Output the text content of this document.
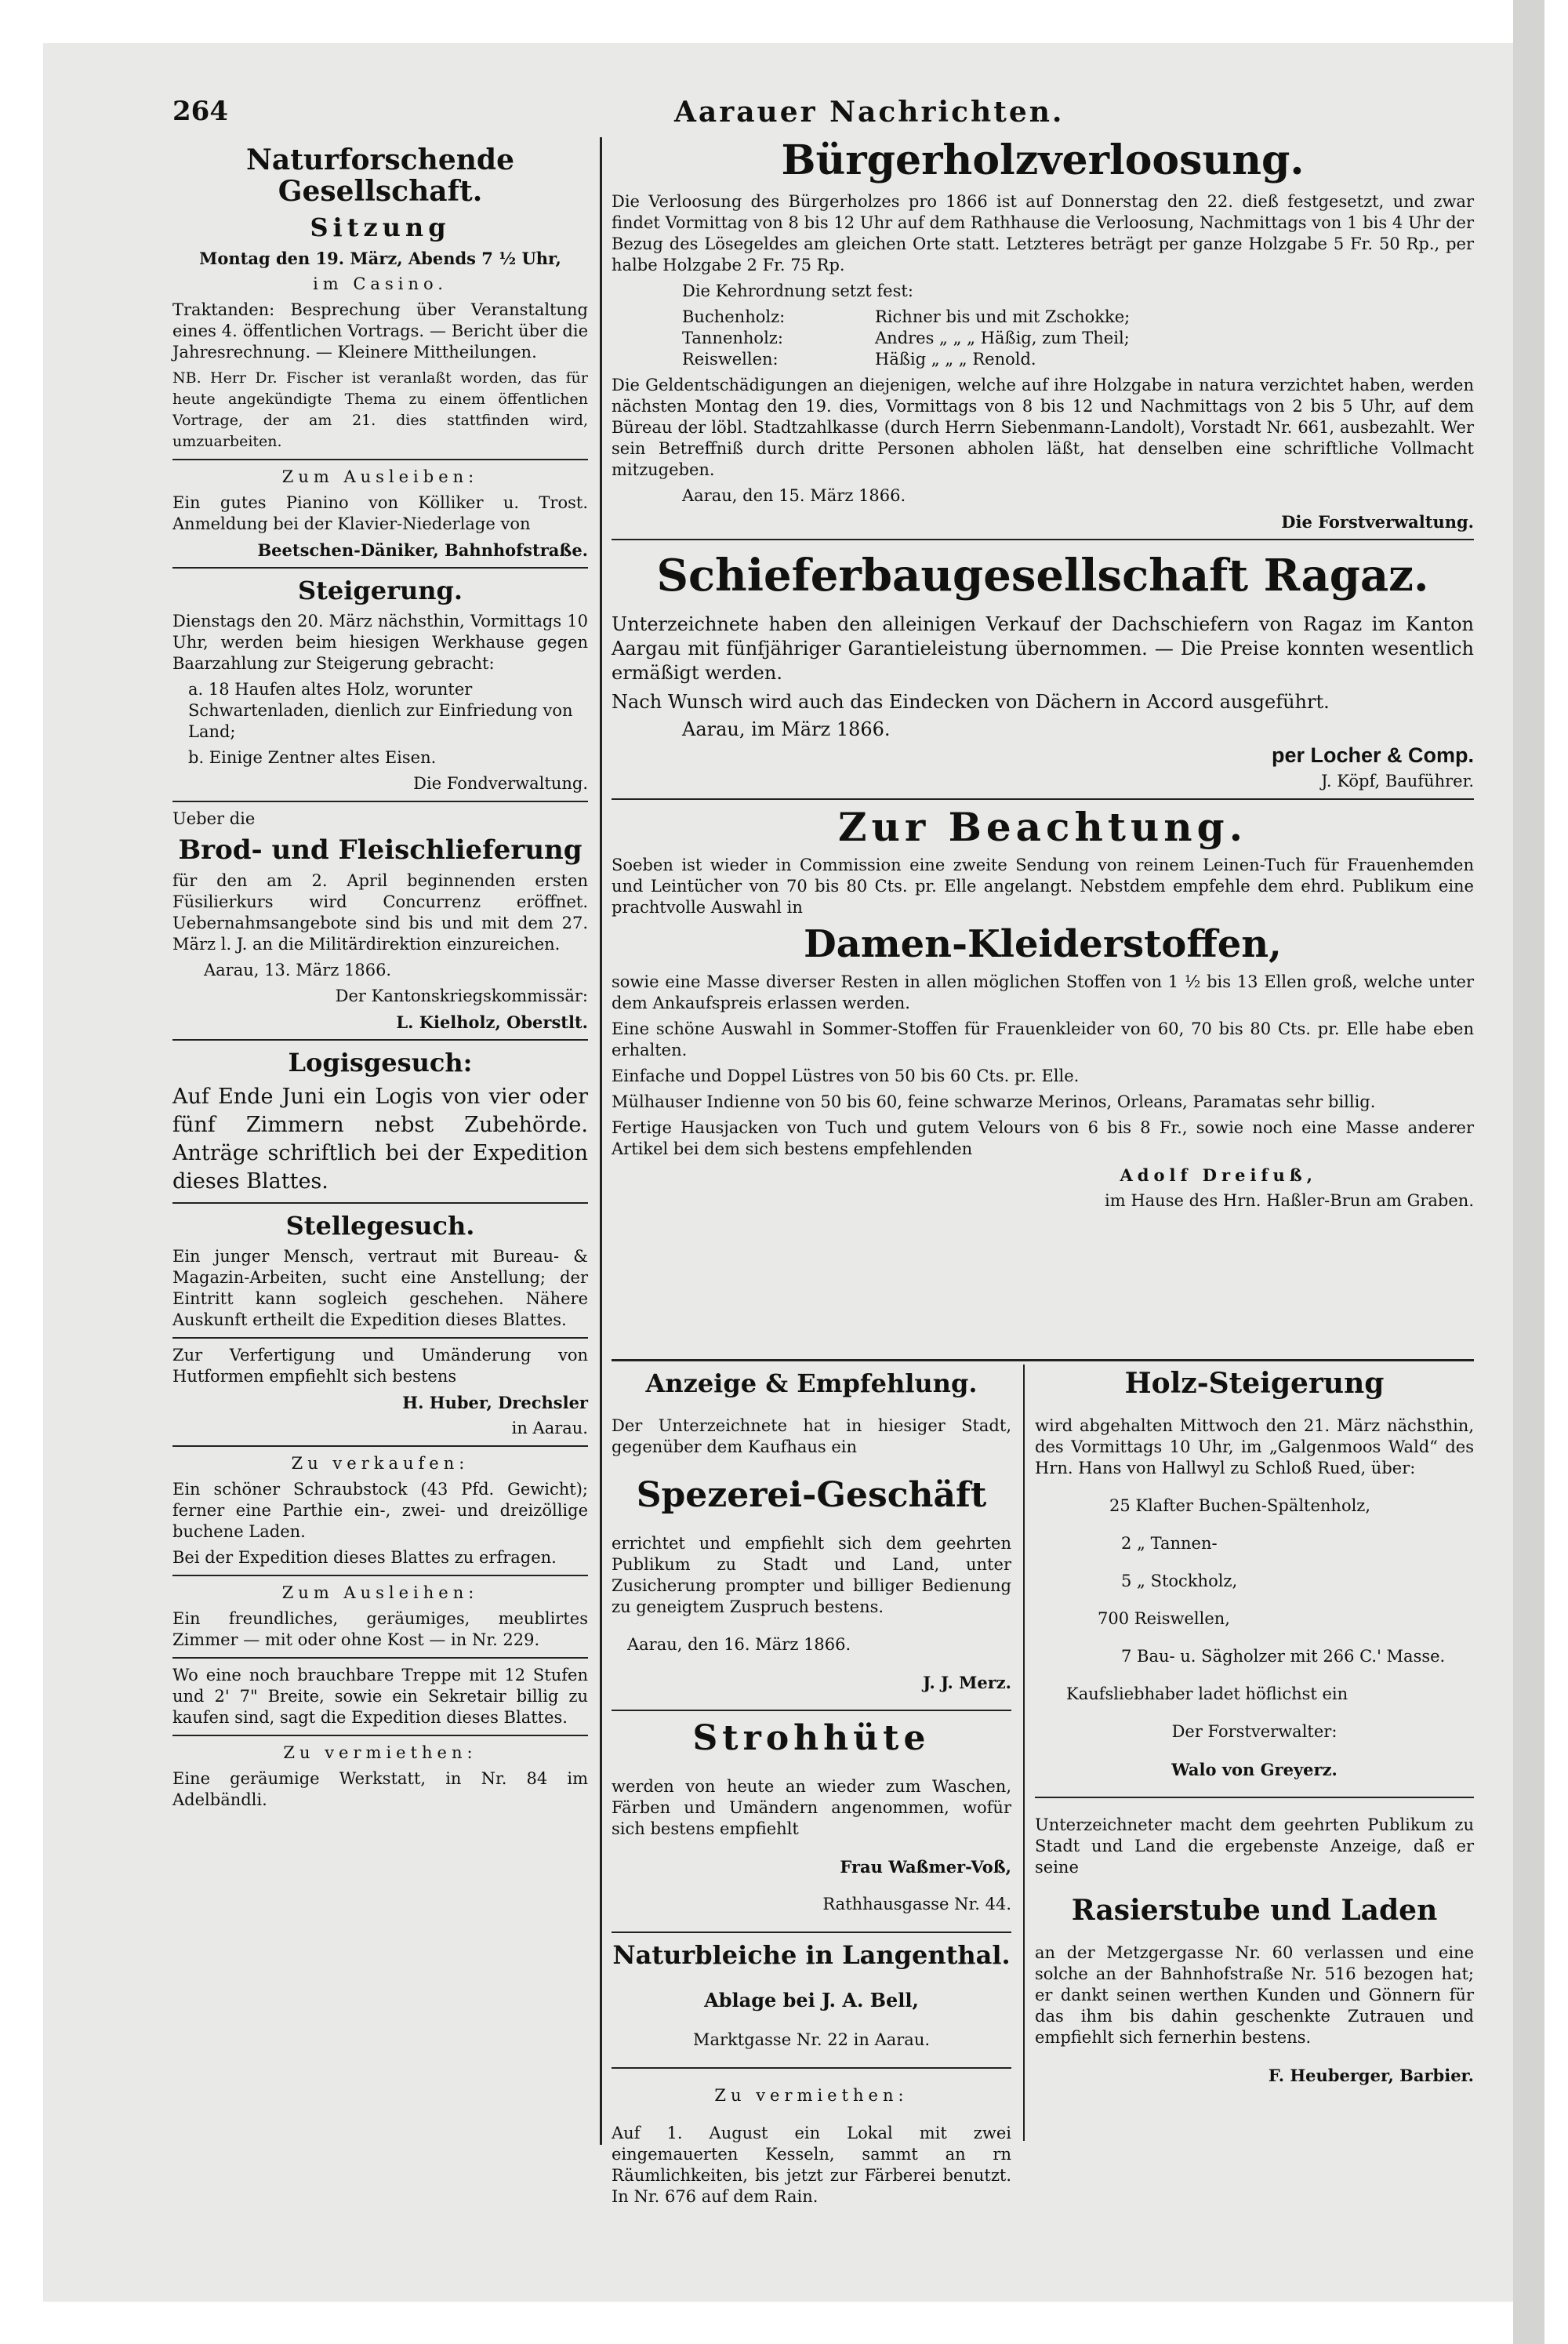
264	Aarauer Nachrichten.
Naturforschende Gesellschaft.
Sitzung

Montag den 19. März, Abends 7 ½ Uhr,

im Casino.

Traktanden: Besprechung über Veranstaltung eines 4. öffentlichen Vortrags. — Bericht über die Jahresrechnung. — Kleinere Mittheilungen.

NB. Herr Dr. Fischer ist veranlaßt worden, das für heute angekündigte Thema zu einem öffentlichen Vortrage, der am 21. dies stattfinden wird, umzuarbeiten.

Zum Ausleiben:

Ein gutes Pianino von Kölliker u. Trost. Anmeldung bei der Klavier-Niederlage von

Beetschen-Däniker, Bahnhofstraße.

Steigerung.

Dienstags den 20. März nächsthin, Vormittags 10 Uhr, werden beim hiesigen Werkhause gegen Baarzahlung zur Steigerung gebracht:

a. 18 Haufen altes Holz, worunter Schwartenladen, dienlich zur Einfriedung von Land;

b. Einige Zentner altes Eisen.

Die Fondverwaltung.

Ueber die

Brod- und Fleischlieferung

für den am 2. April beginnenden ersten Füsilierkurs wird Concurrenz eröffnet. Uebernahmsangebote sind bis und mit dem 27. März l. J. an die Militärdirektion einzureichen.

Aarau, 13. März 1866.

Der Kantonskriegskommissär:

L. Kielholz, Oberstlt.

Logisgesuch:

Auf Ende Juni ein Logis von vier oder fünf Zimmern nebst Zubehörde. Anträge schriftlich bei der Expedition dieses Blattes.

Stellegesuch.

Ein junger Mensch, vertraut mit Bureau- & Magazin-Arbeiten, sucht eine Anstellung; der Eintritt kann sogleich geschehen. Nähere Auskunft ertheilt die Expedition dieses Blattes.

Zur Verfertigung und Umänderung von Hutformen empfiehlt sich bestens

H. Huber, Drechsler

in Aarau.

Zu verkaufen:

Ein schöner Schraubstock (43 Pfd. Gewicht); ferner eine Parthie ein-, zwei- und dreizöllige buchene Laden.

Bei der Expedition dieses Blattes zu erfragen.

Zum Ausleihen:

Ein freundliches, geräumiges, meublirtes Zimmer — mit oder ohne Kost — in Nr. 229.

Wo eine noch brauchbare Treppe mit 12 Stufen und 2' 7" Breite, sowie ein Sekretair billig zu kaufen sind, sagt die Expedition dieses Blattes.

Zu vermiethen:

Eine geräumige Werkstatt, in Nr. 84 im Adelbändli.

Bürgerholzverloosung.

Die Verloosung des Bürgerholzes pro 1866 ist auf Donnerstag den 22. dieß festgesetzt, und zwar findet Vormittag von 8 bis 12 Uhr auf dem Rathhause die Verloosung, Nachmittags von 1 bis 4 Uhr der Bezug des Lösegeldes am gleichen Orte statt. Letzteres beträgt per ganze Holzgabe 5 Fr. 50 Rp., per halbe Holzgabe 2 Fr. 75 Rp.

Die Kehrordnung setzt fest:

Buchenholz:	Richner bis und mit Zschokke;
Tannenholz:	Andres „ „ „ Häßig, zum Theil;
Reiswellen:	Häßig „ „ „ Renold.

Die Geldentschädigungen an diejenigen, welche auf ihre Holzgabe in natura verzichtet haben, werden nächsten Montag den 19. dies, Vormittags von 8 bis 12 und Nachmittags von 2 bis 5 Uhr, auf dem Büreau der löbl. Stadtzahlkasse (durch Herrn Siebenmann-Landolt), Vorstadt Nr. 661, ausbezahlt. Wer sein Betreffniß durch dritte Personen abholen läßt, hat denselben eine schriftliche Vollmacht mitzugeben.

Aarau, den 15. März 1866.

Die Forstverwaltung.

Schieferbaugesellschaft Ragaz.

Unterzeichnete haben den alleinigen Verkauf der Dachschiefern von Ragaz im Kanton Aargau mit fünfjähriger Garantieleistung übernommen. — Die Preise konnten wesentlich ermäßigt werden.

Nach Wunsch wird auch das Eindecken von Dächern in Accord ausgeführt.

Aarau, im März 1866.

per Locher & Comp.

J. Köpf, Bauführer.

Zur Beachtung.

Soeben ist wieder in Commission eine zweite Sendung von reinem Leinen-Tuch für Frauenhemden und Leintücher von 70 bis 80 Cts. pr. Elle angelangt. Nebstdem empfehle dem ehrd. Publikum eine prachtvolle Auswahl in

Damen-Kleiderstoffen,

sowie eine Masse diverser Resten in allen möglichen Stoffen von 1 ½ bis 13 Ellen groß, welche unter dem Ankaufspreis erlassen werden.

Eine schöne Auswahl in Sommer-Stoffen für Frauenkleider von 60, 70 bis 80 Cts. pr. Elle habe eben erhalten.

Einfache und Doppel Lüstres von 50 bis 60 Cts. pr. Elle.

Mülhauser Indienne von 50 bis 60, feine schwarze Merinos, Orleans, Paramatas sehr billig.

Fertige Hausjacken von Tuch und gutem Velours von 6 bis 8 Fr., sowie noch eine Masse anderer Artikel bei dem sich bestens empfehlenden

Adolf Dreifuß,

im Hause des Hrn. Haßler-Brun am Graben.

Anzeige & Empfehlung.

Der Unterzeichnete hat in hiesiger Stadt, gegenüber dem Kaufhaus ein

Spezerei-Geschäft

errichtet und empfiehlt sich dem geehrten Publikum zu Stadt und Land, unter Zusicherung prompter und billiger Bedienung zu geneigtem Zuspruch bestens.

Aarau, den 16. März 1866.

J. J. Merz.

Strohhüte

werden von heute an wieder zum Waschen, Färben und Umändern angenommen, wofür sich bestens empfiehlt

Frau Waßmer-Voß,

Rathhausgasse Nr. 44.

Naturbleiche in Langenthal.

Ablage bei J. A. Bell,

Marktgasse Nr. 22 in Aarau.

Zu vermiethen:

Auf 1. August ein Lokal mit zwei eingemauerten Kesseln, sammt an rn Räumlichkeiten, bis jetzt zur Färberei benutzt. In Nr. 676 auf dem Rain.

Holz-Steigerung

wird abgehalten Mittwoch den 21. März nächsthin, des Vormittags 10 Uhr, im „Galgenmoos Wald“ des Hrn. Hans von Hallwyl zu Schloß Rued, über:

25 Klafter Buchen-Spältenholz,

2 „ Tannen-

5 „ Stockholz,

700 Reiswellen,

7 Bau- u. Sägholzer mit 266 C.' Masse.

Kaufsliebhaber ladet höflichst ein

Der Forstverwalter:

Walo von Greyerz.

Unterzeichneter macht dem geehrten Publikum zu Stadt und Land die ergebenste Anzeige, daß er seine

Rasierstube und Laden

an der Metzgergasse Nr. 60 verlassen und eine solche an der Bahnhofstraße Nr. 516 bezogen hat; er dankt seinen werthen Kunden und Gönnern für das ihm bis dahin geschenkte Zutrauen und empfiehlt sich fernerhin bestens.

F. Heuberger, Barbier.
